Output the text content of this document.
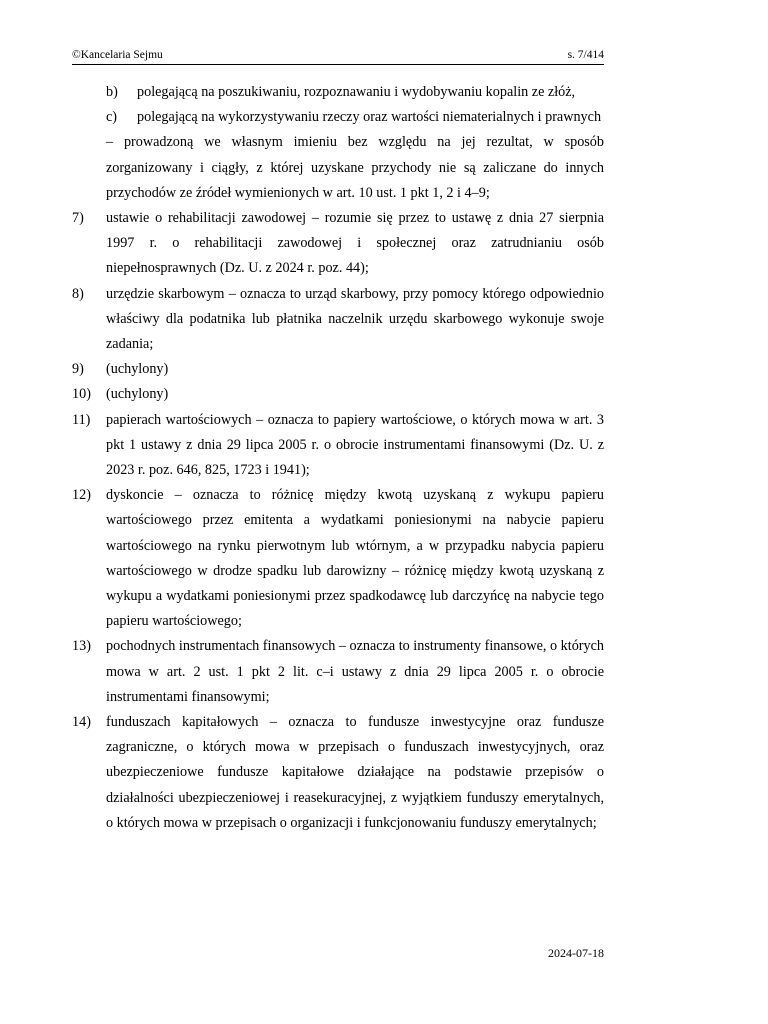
©Kancelaria Sejmu	s. 7/414
b)	polegającą na poszukiwaniu, rozpoznawaniu i wydobywaniu kopalin ze złóż,
c)	polegającą na wykorzystywaniu rzeczy oraz wartości niematerialnych i prawnych
– prowadzoną we własnym imieniu bez względu na jej rezultat, w sposób zorganizowany i ciągły, z której uzyskane przychody nie są zaliczane do innych przychodów ze źródeł wymienionych w art. 10 ust. 1 pkt 1, 2 i 4–9;
7)	ustawie o rehabilitacji zawodowej – rozumie się przez to ustawę z dnia 27 sierpnia 1997 r. o rehabilitacji zawodowej i społecznej oraz zatrudnianiu osób niepełnosprawnych (Dz. U. z 2024 r. poz. 44);
8)	urzędzie skarbowym – oznacza to urząd skarbowy, przy pomocy którego odpowiednio właściwy dla podatnika lub płatnika naczelnik urzędu skarbowego wykonuje swoje zadania;
9)	(uchylony)
10)	(uchylony)
11)	papierach wartościowych – oznacza to papiery wartościowe, o których mowa w art. 3 pkt 1 ustawy z dnia 29 lipca 2005 r. o obrocie instrumentami finansowymi (Dz. U. z 2023 r. poz. 646, 825, 1723 i 1941);
12)	dyskoncie – oznacza to różnicę między kwotą uzyskaną z wykupu papieru wartościowego przez emitenta a wydatkami poniesionymi na nabycie papieru wartościowego na rynku pierwotnym lub wtórnym, a w przypadku nabycia papieru wartościowego w drodze spadku lub darowizny – różnicę między kwotą uzyskaną z wykupu a wydatkami poniesionymi przez spadkodawcę lub darczyńcę na nabycie tego papieru wartościowego;
13)	pochodnych instrumentach finansowych – oznacza to instrumenty finansowe, o których mowa w art. 2 ust. 1 pkt 2 lit. c–i ustawy z dnia 29 lipca 2005 r. o obrocie instrumentami finansowymi;
14)	funduszach kapitałowych – oznacza to fundusze inwestycyjne oraz fundusze zagraniczne, o których mowa w przepisach o funduszach inwestycyjnych, oraz ubezpieczeniowe fundusze kapitałowe działające na podstawie przepisów o działalności ubezpieczeniowej i reasekuracyjnej, z wyjątkiem funduszy emerytalnych, o których mowa w przepisach o organizacji i funkcjonowaniu funduszy emerytalnych;
2024-07-18
